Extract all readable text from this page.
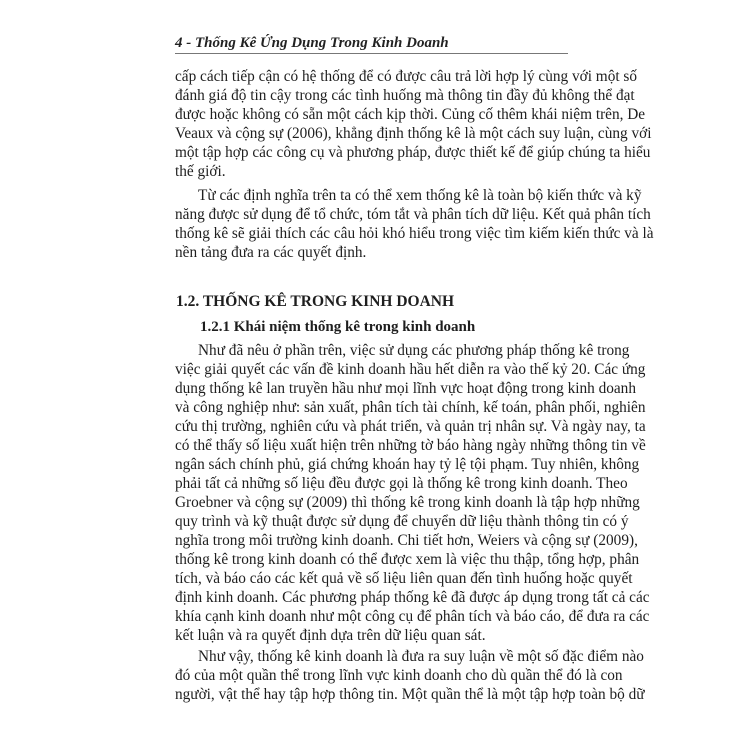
4 - Thống Kê Ứng Dụng Trong Kinh Doanh
cấp cách tiếp cận có hệ thống để có được câu trả lời hợp lý cùng với một số
đánh giá độ tin cậy trong các tình huống mà thông tin đầy đủ không thể đạt
được hoặc không có sẵn một cách kịp thời. Củng cố thêm khái niệm trên, De
Veaux và cộng sự (2006), khẳng định thống kê là một cách suy luận, cùng với
một tập hợp các công cụ và phương pháp, được thiết kế để giúp chúng ta hiểu
thế giới.
Từ các định nghĩa trên ta có thể xem thống kê là toàn bộ kiến thức và kỹ
năng được sử dụng để tổ chức, tóm tắt và phân tích dữ liệu. Kết quả phân tích
thống kê sẽ giải thích các câu hỏi khó hiểu trong việc tìm kiếm kiến thức và là
nền tảng đưa ra các quyết định.
Như đã nêu ở phần trên, việc sử dụng các phương pháp thống kê trong
việc giải quyết các vấn đề kinh doanh hầu hết diễn ra vào thế kỷ 20. Các ứng
dụng thống kê lan truyền hầu như mọi lĩnh vực hoạt động trong kinh doanh
và công nghiệp như: sản xuất, phân tích tài chính, kế toán, phân phối, nghiên
cứu thị trường, nghiên cứu và phát triển, và quản trị nhân sự. Và ngày nay, ta
có thể thấy số liệu xuất hiện trên những tờ báo hàng ngày những thông tin về
ngân sách chính phủ, giá chứng khoán hay tỷ lệ tội phạm. Tuy nhiên, không
phải tất cả những số liệu đều được gọi là thống kê trong kinh doanh. Theo
Groebner và cộng sự (2009) thì thống kê trong kinh doanh là tập hợp những
quy trình và kỹ thuật được sử dụng để chuyển dữ liệu thành thông tin có ý
nghĩa trong môi trường kinh doanh. Chi tiết hơn, Weiers và cộng sự (2009),
thống kê trong kinh doanh có thể được xem là việc thu thập, tổng hợp, phân
tích, và báo cáo các kết quả về số liệu liên quan đến tình huống hoặc quyết
định kinh doanh. Các phương pháp thống kê đã được áp dụng trong tất cả các
khía cạnh kinh doanh như một công cụ để phân tích và báo cáo, để đưa ra các
kết luận và ra quyết định dựa trên dữ liệu quan sát.
Như vậy, thống kê kinh doanh là đưa ra suy luận về một số đặc điểm nào
đó của một quần thể trong lĩnh vực kinh doanh cho dù quần thể đó là con
người, vật thể hay tập hợp thông tin. Một quần thể là một tập hợp toàn bộ dữ
1.2. THỐNG KÊ TRONG KINH DOANH
1.2.1 Khái niệm thống kê trong kinh doanh
